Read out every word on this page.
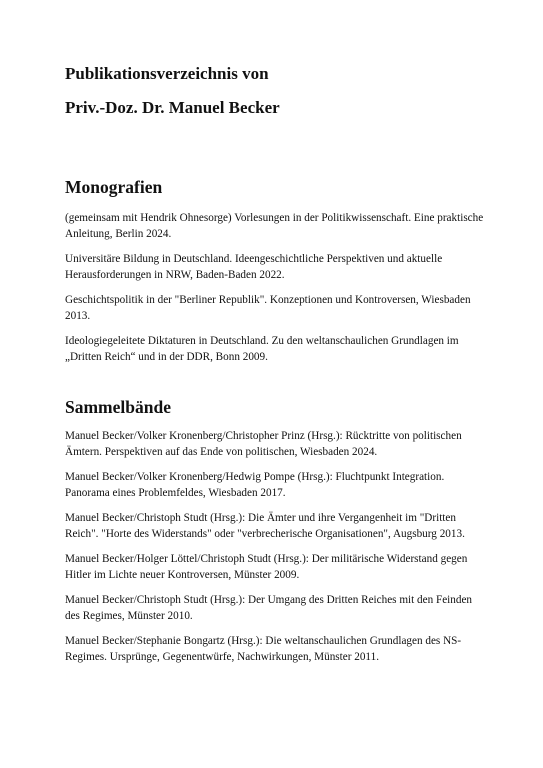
Publikationsverzeichnis von
Priv.-Doz. Dr. Manuel Becker
Monografien

(gemeinsam mit Hendrik Ohnesorge) Vorlesungen in der Politikwissenschaft. Eine praktische Anleitung, Berlin 2024.

Universitäre Bildung in Deutschland. Ideengeschichtliche Perspektiven und aktuelle Herausforderungen in NRW, Baden-Baden 2022.

Geschichtspolitik in der "Berliner Republik". Konzeptionen und Kontroversen, Wiesbaden 2013.

Ideologiegeleitete Diktaturen in Deutschland. Zu den weltanschaulichen Grundlagen im „Dritten Reich“ und in der DDR, Bonn 2009.

Sammelbände

Manuel Becker/Volker Kronenberg/Christopher Prinz (Hrsg.): Rücktritte von politischen Ämtern. Perspektiven auf das Ende von politischen, Wiesbaden 2024.

Manuel Becker/Volker Kronenberg/Hedwig Pompe (Hrsg.): Fluchtpunkt Integration. Panorama eines Problemfeldes, Wiesbaden 2017.

Manuel Becker/Christoph Studt (Hrsg.): Die Ämter und ihre Vergangenheit im "Dritten Reich". "Horte des Widerstands" oder "verbrecherische Organisationen", Augsburg 2013.

Manuel Becker/Holger Löttel/Christoph Studt (Hrsg.): Der militärische Widerstand gegen Hitler im Lichte neuer Kontroversen, Münster 2009.

Manuel Becker/Christoph Studt (Hrsg.): Der Umgang des Dritten Reiches mit den Feinden des Regimes, Münster 2010.

Manuel Becker/Stephanie Bongartz (Hrsg.): Die weltanschaulichen Grundlagen des NS-Regimes. Ursprünge, Gegenentwürfe, Nachwirkungen, Münster 2011.
